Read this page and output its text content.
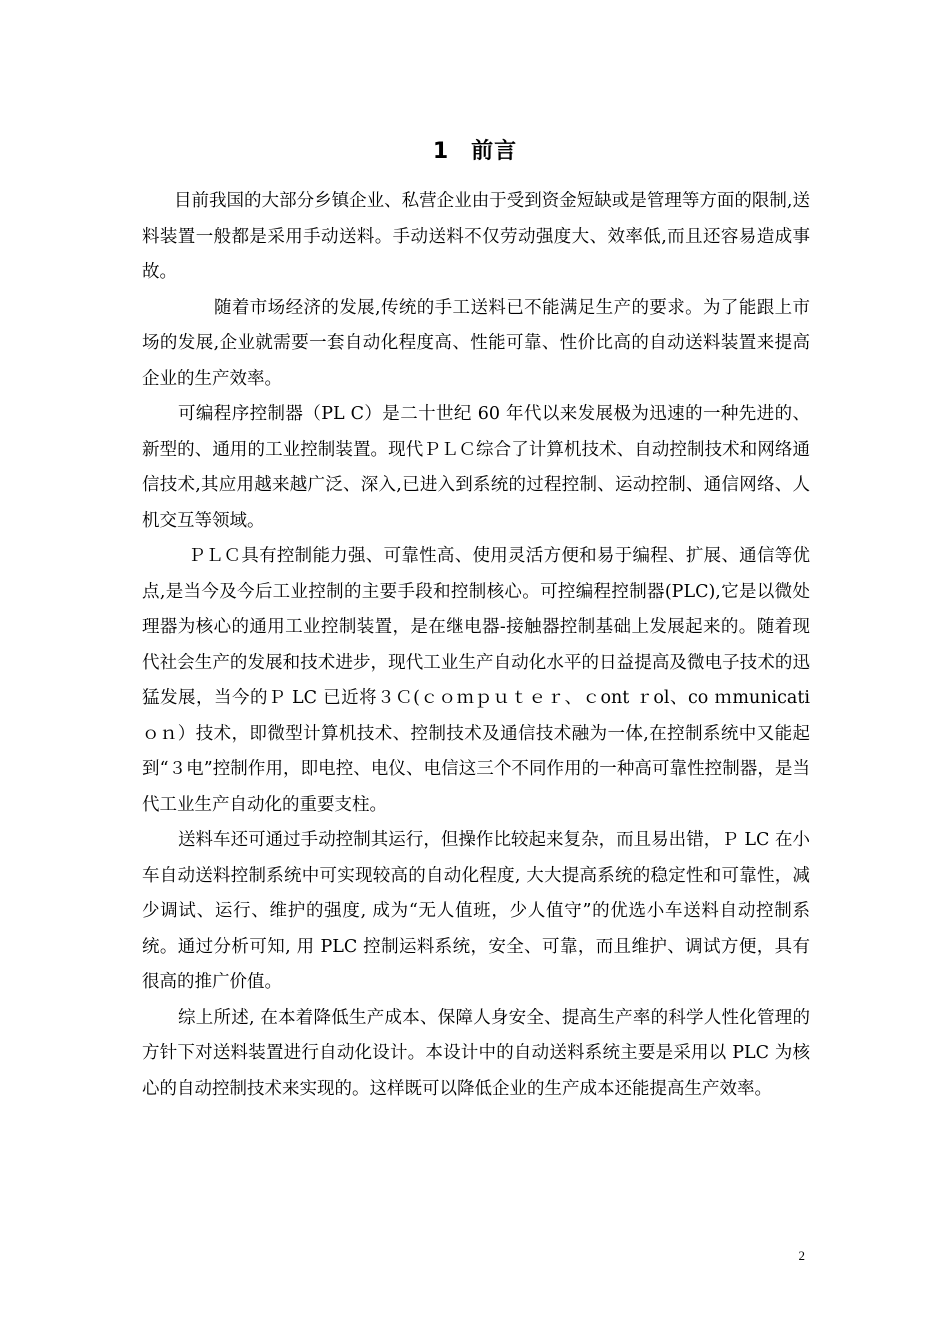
1 前言

目前我国的大部分乡镇企业、私营企业由于受到资金短缺或是管理等方面的限制,送料装置一般都是采用手动送料。手动送料不仅劳动强度大、效率低,而且还容易造成事故。

随着市场经济的发展,传统的手工送料已不能满足生产的要求。为了能跟上市场的发展,企业就需要一套自动化程度高、性能可靠、性价比高的自动送料装置来提高企业的生产效率。

可编程序控制器（PL C）是二十世纪 60 年代以来发展极为迅速的一种先进的、新型的、通用的工业控制装置。现代ＰＬＣ综合了计算机技术、自动控制技术和网络通信技术,其应用越来越广泛、深入,已进入到系统的过程控制、运动控制、通信网络、人机交互等领域。

ＰＬＣ具有控制能力强、可靠性高、使用灵活方便和易于编程、扩展、通信等优点,是当今及今后工业控制的主要手段和控制核心。可控编程控制器(PLC),它是以微处理器为核心的通用工业控制装置，是在继电器-接触器控制基础上发展起来的。随着现代社会生产的发展和技术进步，现代工业生产自动化水平的日益提高及微电子技术的迅猛发展，当今的Ｐ LC 已近将３Ｃ(ｃｏｍｐｕｔｅｒ、ｃont ｒol、co ｍmunicati ｏｎ）技术，即微型计算机技术、控制技术及通信技术融为一体,在控制系统中又能起到“３电”控制作用，即电控、电仪、电信这三个不同作用的一种高可靠性控制器，是当代工业生产自动化的重要支柱。

送料车还可通过手动控制其运行，但操作比较起来复杂，而且易出错，Ｐ LC 在小车自动送料控制系统中可实现较高的自动化程度, 大大提高系统的稳定性和可靠性，减少调试、运行、维护的强度, 成为“无人值班，少人值守”的优选小车送料自动控制系统。通过分析可知, 用 PLC 控制运料系统，安全、可靠，而且维护、调试方便，具有很高的推广价值。

综上所述, 在本着降低生产成本、保障人身安全、提高生产率的科学人性化管理的方针下对送料装置进行自动化设计。本设计中的自动送料系统主要是采用以 PLC 为核心的自动控制技术来实现的。这样既可以降低企业的生产成本还能提高生产效率。

2
